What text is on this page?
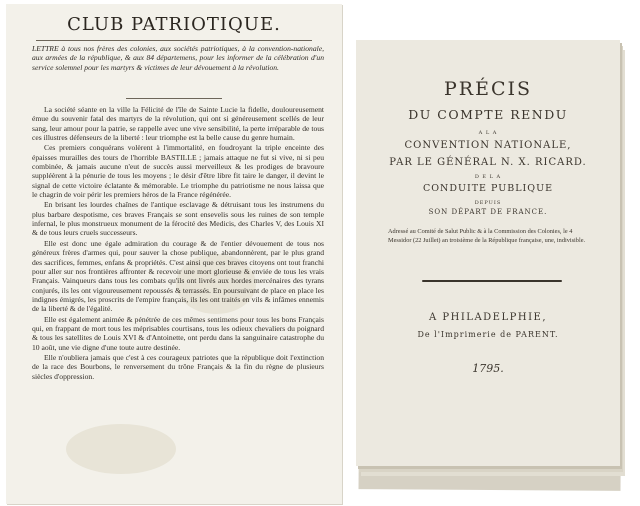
CLUB PATRIOTIQUE.
LETTRE à tous nos frères des colonies, aux sociétés patriotiques, à la convention-nationale, aux armées de la république, & aux 84 départemens, pour les informer de la célébration d'un service solemnel pour les martyrs & victimes de leur dévouement à la révolution.

La société séante en la ville la Félicité de l'île de Sainte Lucie la fidelle, douloureusement émue du souvenir fatal des martyrs de la révolution, qui ont si généreusement scellés de leur sang, leur amour pour la patrie, se rappelle avec une vive sensibilité, la perte irréparable de tous ces illustres défenseurs de la liberté : leur triomphe est la belle cause du genre humain.

Ces premiers conquérans volèrent à l'immortalité, en foudroyant la triple enceinte des épaisses murailles des tours de l'horrible BASTILLE ; jamais attaque ne fut si vive, ni si peu combinée, & jamais aucune n'eut de succès aussi merveilleux & les prodiges de bravoure suppléèrent à la pénurie de tous les moyens ; le désir d'être libre fit taire le danger, il devint le signal de cette victoire éclatante & mémorable. Le triomphe du patriotisme ne nous laissa que le chagrin de voir périr les premiers héros de la France régénérée.

En brisant les lourdes chaînes de l'antique esclavage & détruisant tous les instrumens du plus barbare despotisme, ces braves Français se sont ensevelis sous les ruines de son temple infernal, le plus monstrueux monument de la férocité des Medicis, des Charles V, des Louis XI & de tous leurs cruels successeurs.

Elle est donc une égale admiration du courage & de l'entier dévouement de tous nos généreux frères d'armes qui, pour sauver la chose publique, abandonnèrent, par le plus grand des sacrifices, femmes, enfans & propriétés. C'est ainsi que ces braves citoyens ont tout franchi pour aller sur nos frontières affronter & recevoir une mort glorieuse & enviée de tous les vrais Français. Vainqueurs dans tous les combats qu'ils ont livrés aux hordes mercénaires des tyrans conjurés, ils les ont vigoureusement repoussés & terrassés. En poursuivant de place en place les indignes émigrés, les proscrits de l'empire français, ils les ont traités en vils & infâmes ennemis de la liberté & de l'égalité.

Elle est également animée & pénétrée de ces mêmes sentimens pour tous les bons Français qui, en frappant de mort tous les méprisables courtisans, tous les odieux chevaliers du poignard & tous les satellites de Louis XVI & d'Antoinette, ont perdu dans la sanguinaire catastrophe du 10 août, une vie digne d'une toute autre destinée.

Elle n'oubliera jamais que c'est à ces courageux patriotes que la république doit l'extinction de la race des Bourbons, le renversement du trône Français & la fin du règne de plusieurs siècles d'oppression.

PRÉCIS
DU COMPTE RENDU
A L A
CONVENTION NATIONALE,
PAR LE GÉNÉRAL N. X. RICARD.
D E L A
CONDUITE PUBLIQUE
DEPUIS
SON DÉPART DE FRANCE.
Adressé au Comité de Salut Public & à la Commission des Colonies, le 4 Messidor (22 Juillet) an troisième de la République française, une, indivisible.
A PHILADELPHIE,
De l'Imprimerie de PARENT.
1795.
